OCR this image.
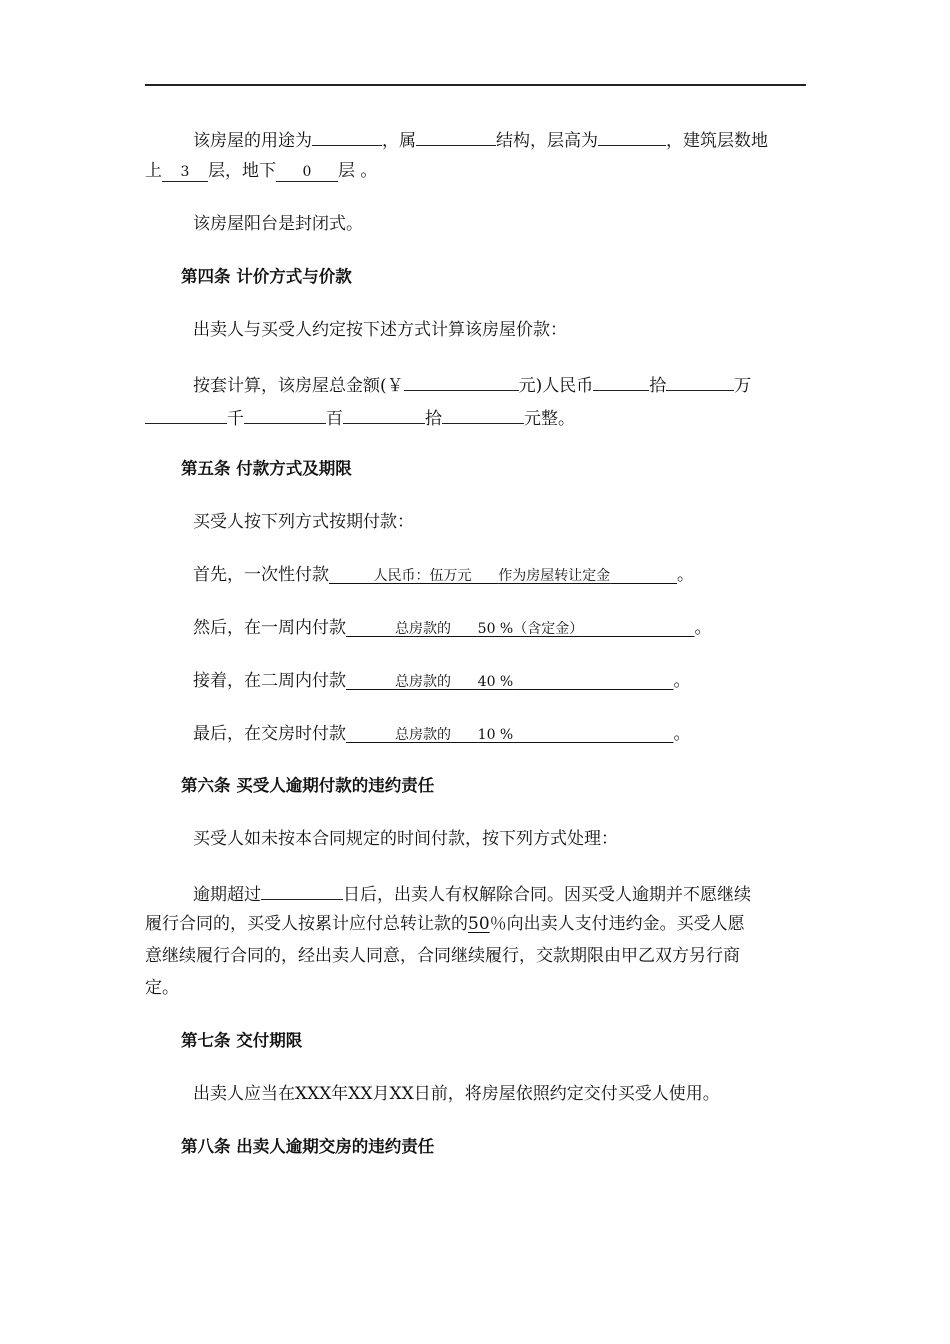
该房屋的用途为	，属	结构，层高为	，建筑层数地
上 3 层，地下 0 层 。
该房屋阳台是封闭式。
第四条 计价方式与价款
出卖人与买受人约定按下述方式计算该房屋价款：
按套计算，该房屋总金额(￥	元)人民币	拾	万
千	百	拾	元整。
第五条 付款方式及期限
买受人按下列方式按期付款：
首先，一次性付款	人民币：伍万元 作为房屋转让定金	。
然后，在一周内付款	总房款的 50 %（含定金）	。
接着，在二周内付款	总房款的 40 %	。
最后，在交房时付款	总房款的 10 %	。
第六条 买受人逾期付款的违约责任
买受人如未按本合同规定的时间付款，按下列方式处理：
逾期超过	日后，出卖人有权解除合同。因买受人逾期并不愿继续
履行合同的，买受人按累计应付总转让款的50％向出卖人支付违约金。买受人愿
意继续履行合同的，经出卖人同意，合同继续履行，交款期限由甲乙双方另行商
定。
第七条 交付期限
出卖人应当在XXX年XX月XX日前，将房屋依照约定交付买受人使用。
第八条 出卖人逾期交房的违约责任
